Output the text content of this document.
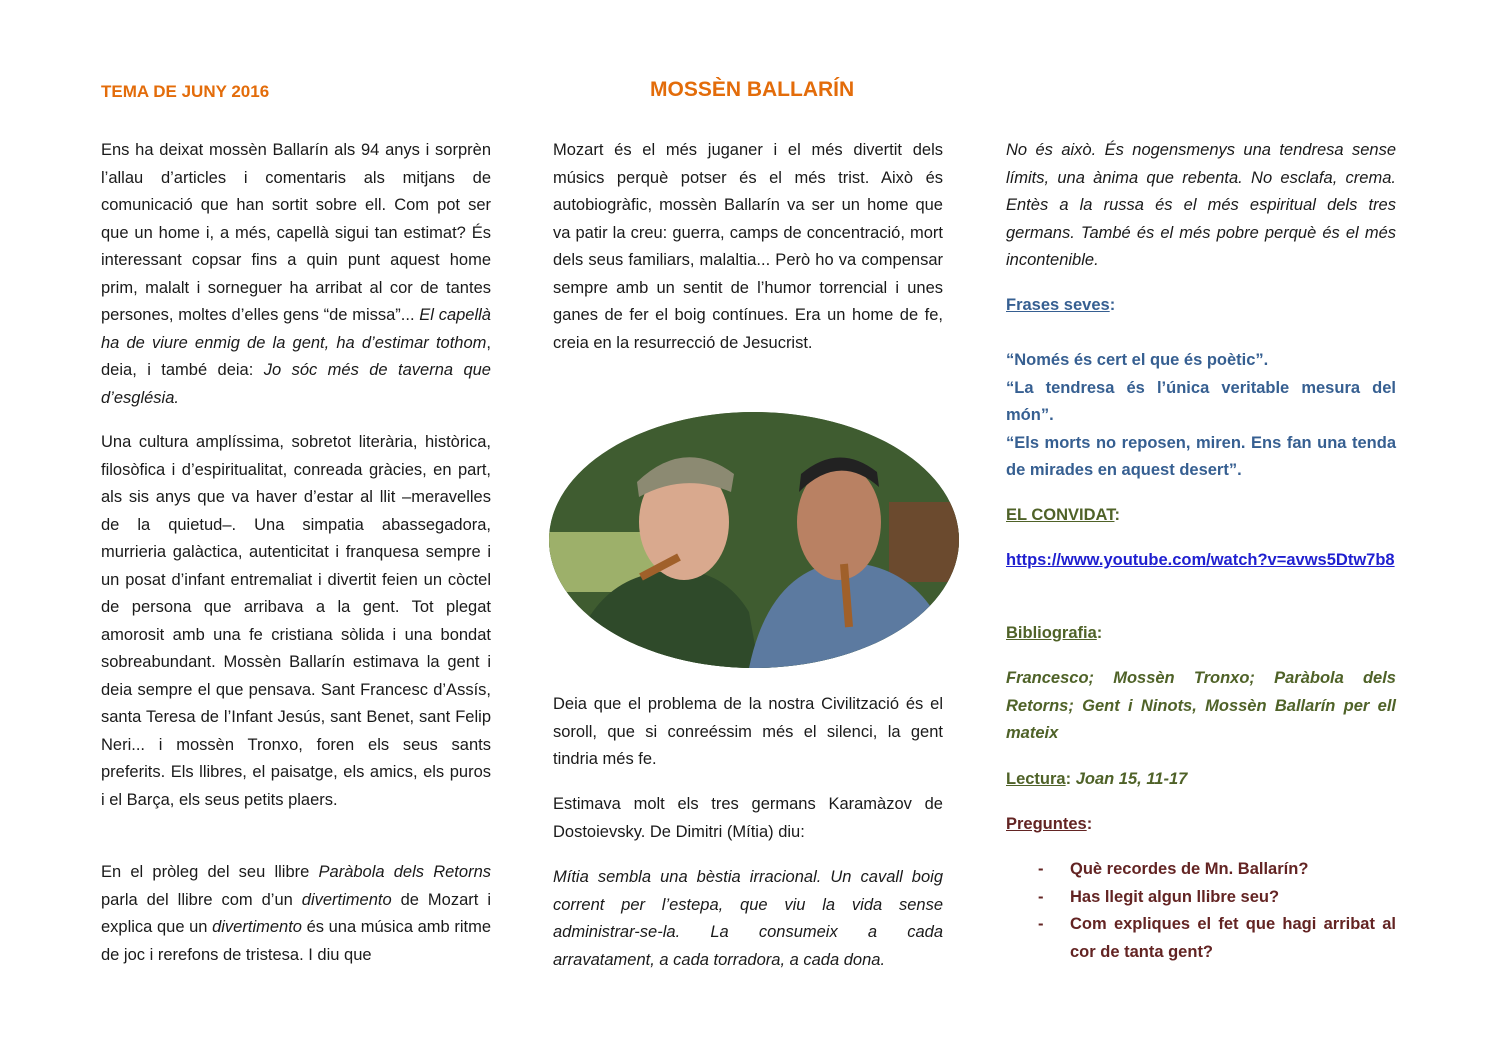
TEMA DE JUNY 2016	MOSSÈN BALLARÍN

Ens ha deixat mossèn Ballarín als 94 anys i sorprèn l’allau d’articles i comentaris als mitjans de comunicació que han sortit sobre ell. Com pot ser que un home i, a més, capellà sigui tan estimat? És interessant copsar fins a quin punt aquest home prim, malalt i sorneguer ha arribat al cor de tantes persones, moltes d’elles gens “de missa”... El capellà ha de viure enmig de la gent, ha d’estimar tothom, deia, i també deia: Jo sóc més de taverna que d’església.

Una cultura amplíssima, sobretot literària, històrica, filosòfica i d’espiritualitat, conreada gràcies, en part, als sis anys que va haver d’estar al llit –meravelles de la quietud–. Una simpatia abassegadora, murrieria galàctica, autenticitat i franquesa sempre i un posat d’infant entremaliat i divertit feien un còctel de persona que arribava a la gent. Tot plegat amorosit amb una fe cristiana sòlida i una bondat sobreabundant. Mossèn Ballarín estimava la gent i deia sempre el que pensava. Sant Francesc d’Assís, santa Teresa de l’Infant Jesús, sant Benet, sant Felip Neri... i mossèn Tronxo, foren els seus sants preferits. Els llibres, el paisatge, els amics, els puros i el Barça, els seus petits plaers.

En el pròleg del seu llibre Paràbola dels Retorns parla del llibre com d’un divertimento de Mozart i explica que un divertimento és una música amb ritme de joc i rerefons de tristesa. I diu que

Mozart és el més juganer i el més divertit dels músics perquè potser és el més trist. Això és autobiogràfic, mossèn Ballarín va ser un home que va patir la creu: guerra, camps de concentració, mort dels seus familiars, malaltia... Però ho va compensar sempre amb un sentit de l’humor torrencial i unes ganes de fer el boig contínues. Era un home de fe, creia en la resurrecció de Jesucrist.

Deia que el problema de la nostra Civilització és el soroll, que si conreéssim més el silenci, la gent tindria més fe.

Estimava molt els tres germans Karamàzov de Dostoievsky. De Dimitri (Mítia) diu:

Mítia sembla una bèstia irracional. Un cavall boig corrent per l’estepa, que viu la vida sense administrar-se-la. La consumeix a cada arravatament, a cada torradora, a cada dona.

No és això. És nogensmenys una tendresa sense límits, una ànima que rebenta. No esclafa, crema. Entès a la russa és el més espiritual dels tres germans. També és el més pobre perquè és el més incontenible.

Frases seves:

“Només és cert el que és poètic”.
“La tendresa és l’única veritable mesura del món”.
“Els morts no reposen, miren. Ens fan una tenda de mirades en aquest desert”.

EL CONVIDAT:

https://www.youtube.com/watch?v=avws5Dtw7b8

Bibliografia:

Francesco; Mossèn Tronxo; Paràbola dels Retorns; Gent i Ninots, Mossèn Ballarín per ell mateix

Lectura: Joan 15, 11-17

Preguntes:

- Què recordes de Mn. Ballarín?
- Has llegit algun llibre seu?
- Com expliques el fet que hagi arribat al cor de tanta gent?
